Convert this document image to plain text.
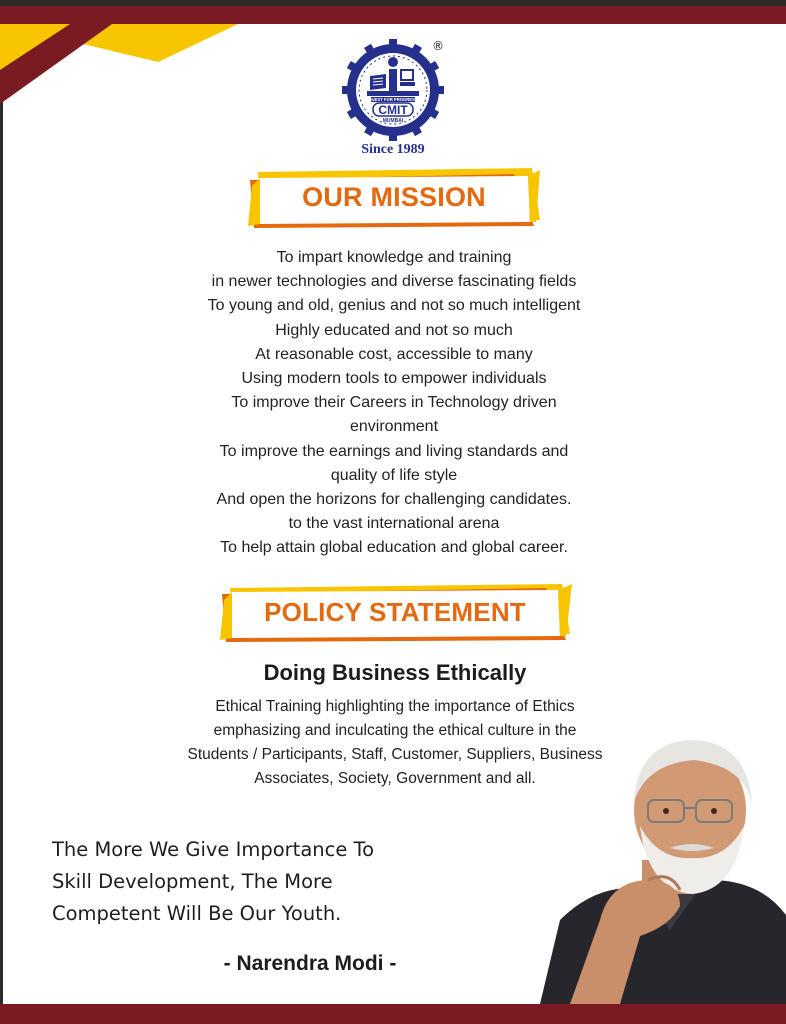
QUEST FOR PROGRESS
CMIT
MUMBAI
®
Since 1989
OUR MISSION
To impart knowledge and training
in newer technologies and diverse fascinating fields
To young and old, genius and not so much intelligent
Highly educated and not so much
At reasonable cost, accessible to many
Using modern tools to empower individuals
To improve their Careers in Technology driven
environment
To improve the earnings and living standards and
quality of life style
And open the horizons for challenging candidates.
to the vast international arena
To help attain global education and global career.
POLICY STATEMENT
Doing Business Ethically
Ethical Training highlighting the importance of Ethics
emphasizing and inculcating the ethical culture in the
Students / Participants, Staff, Customer, Suppliers, Business
Associates, Society, Government and all.
The More We Give Importance To
Skill Development, The More
Competent Will Be Our Youth.
- Narendra Modi -
